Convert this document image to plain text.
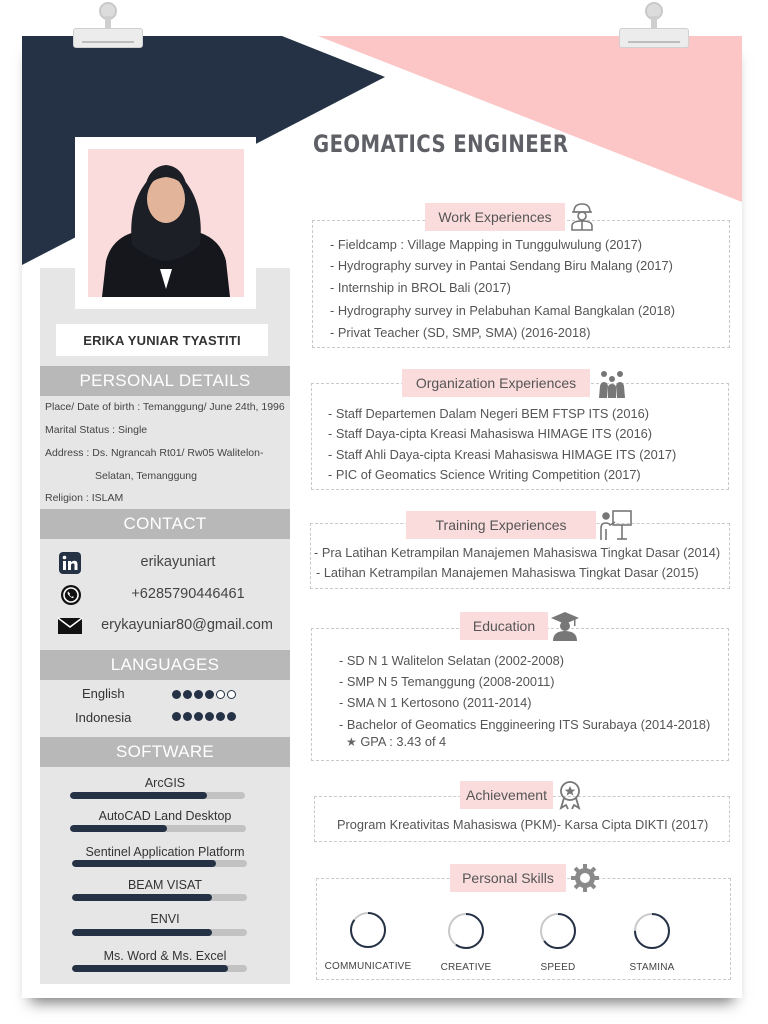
ERIKA YUNIAR TYASTITI
GEOMATICS ENGINEER
PERSONAL DETAILS
Place/ Date of birth : Temanggung/ June 24th, 1996
Marital Status : Single
Address : Ds. Ngrancah Rt01/ Rw05 Walitelon-
Selatan, Temanggung
Religion : ISLAM
CONTACT
erikayuniart
+6285790446461
erykayuniar80@gmail.com
LANGUAGES
English
Indonesia
SOFTWARE
ArcGIS
AutoCAD Land Desktop
Sentinel Application Platform
BEAM VISAT
ENVI
Ms. Word & Ms. Excel
Work Experiences
- Fieldcamp : Village Mapping in Tunggulwulung (2017)
- Hydrography survey in Pantai Sendang Biru Malang (2017)
- Internship in BROL Bali (2017)
- Hydrography survey in Pelabuhan Kamal Bangkalan (2018)
- Privat Teacher (SD, SMP, SMA) (2016-2018)
Organization Experiences
- Staff Departemen Dalam Negeri BEM FTSP ITS (2016)
- Staff Daya-cipta Kreasi Mahasiswa HIMAGE ITS (2016)
- Staff Ahli Daya-cipta Kreasi Mahasiswa HIMAGE ITS (2017)
- PIC of Geomatics Science Writing Competition (2017)
Training Experiences
- Pra Latihan Ketrampilan Manajemen Mahasiswa Tingkat Dasar (2014)
- Latihan Ketrampilan Manajemen Mahasiswa Tingkat Dasar (2015)
Education
- SD N 1 Walitelon Selatan (2002-2008)
- SMP N 5 Temanggung (2008-20011)
- SMA N 1 Kertosono (2011-2014)
- Bachelor of Geomatics Enggineering ITS Surabaya (2014-2018)
★ GPA : 3.43 of 4
Achievement
Program Kreativitas Mahasiswa (PKM)- Karsa Cipta DIKTI (2017)
Personal Skills
COMMUNICATIVE	CREATIVE	SPEED	STAMINA
